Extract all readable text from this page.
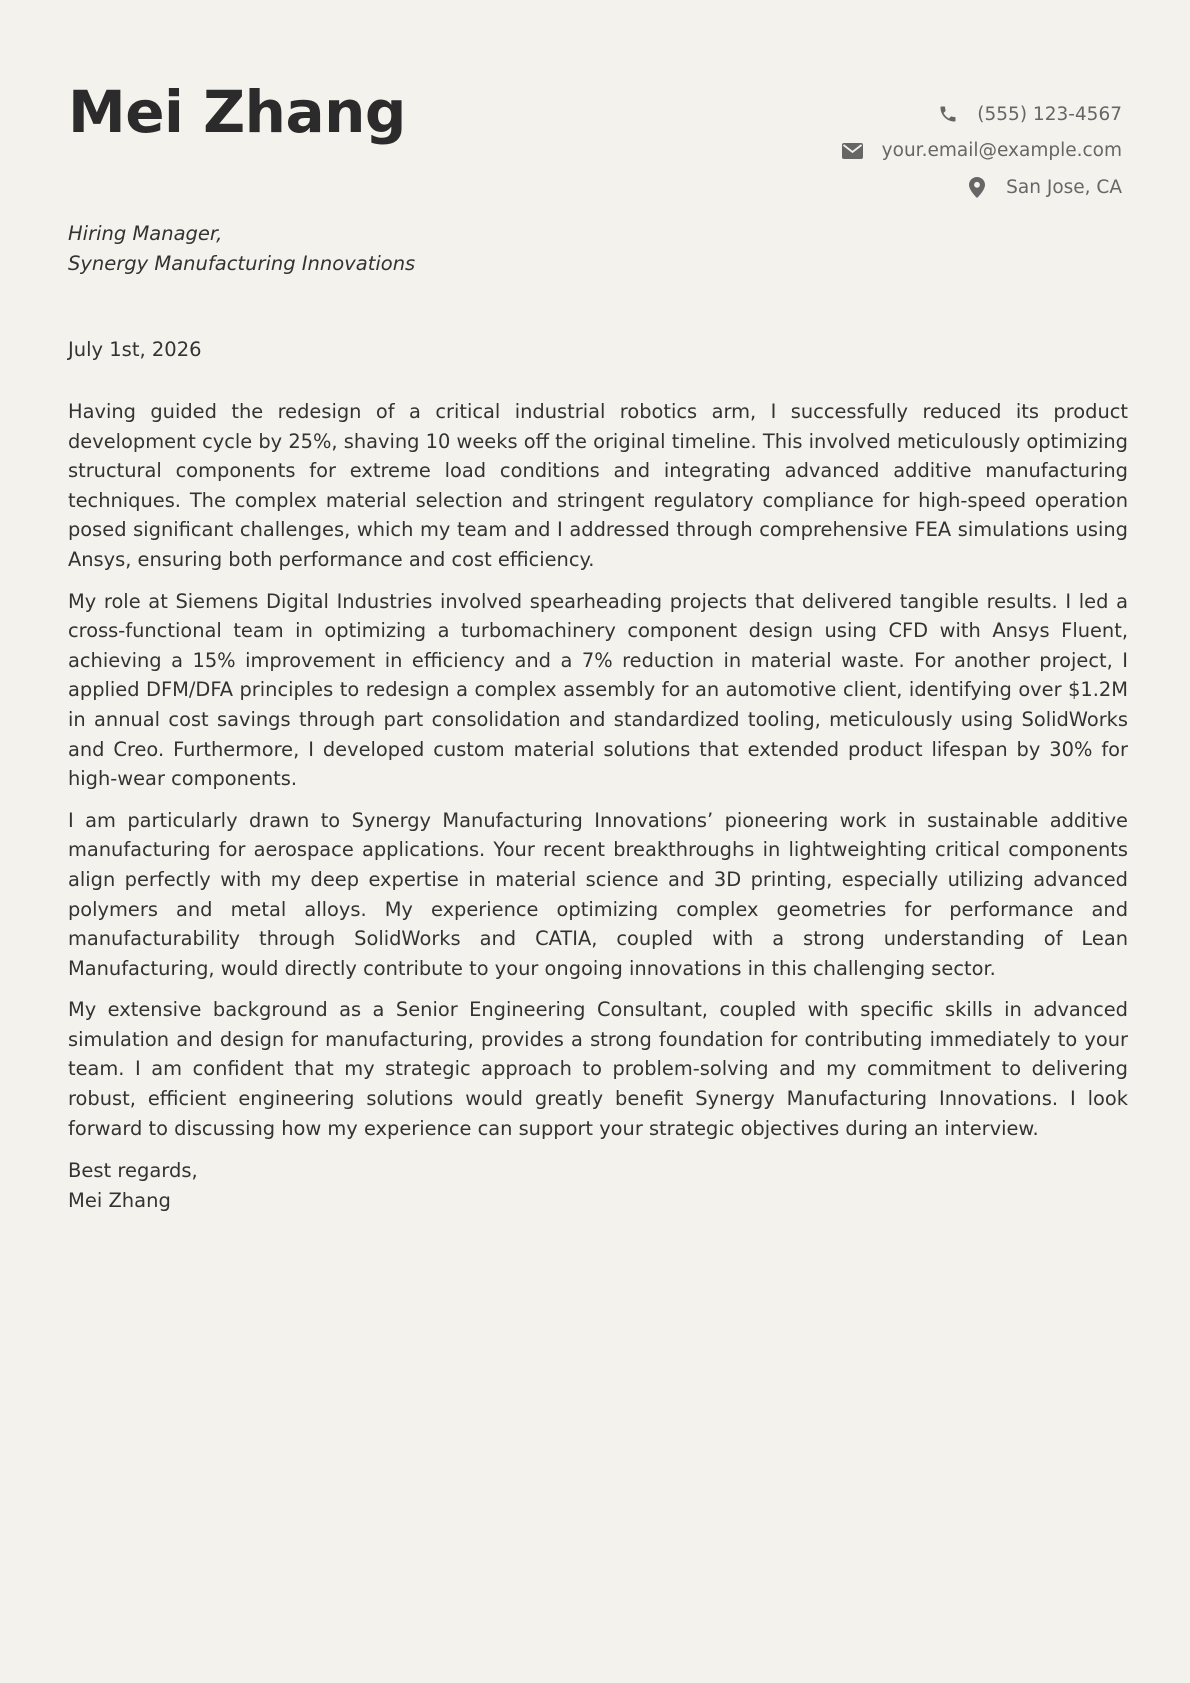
Mei Zhang	(555) 123-4567
your.email@example.com
San Jose, CA
Hiring Manager,
Synergy Manufacturing Innovations
July 1st, 2026

Having guided the redesign of a critical industrial robotics arm, I successfully reduced its product development cycle by 25%, shaving 10 weeks off the original timeline. This involved meticulously optimizing structural components for extreme load conditions and integrating advanced additive manufacturing techniques. The complex material selection and stringent regulatory compliance for high-speed operation posed significant challenges, which my team and I addressed through comprehensive FEA simulations using Ansys, ensuring both performance and cost efficiency.

My role at Siemens Digital Industries involved spearheading projects that delivered tangible results. I led a cross-functional team in optimizing a turbomachinery component design using CFD with Ansys Fluent, achieving a 15% improvement in efficiency and a 7% reduction in material waste. For another project, I applied DFM/DFA principles to redesign a complex assembly for an automotive client, identifying over $1.2M in annual cost savings through part consolidation and standardized tooling, meticulously using SolidWorks and Creo. Furthermore, I developed custom material solutions that extended product lifespan by 30% for high-wear components.

I am particularly drawn to Synergy Manufacturing Innovations’ pioneering work in sustainable additive manufacturing for aerospace applications. Your recent breakthroughs in lightweighting critical components align perfectly with my deep expertise in material science and 3D printing, especially utilizing advanced polymers and metal alloys. My experience optimizing complex geometries for performance and manufacturability through SolidWorks and CATIA, coupled with a strong understanding of Lean Manufacturing, would directly contribute to your ongoing innovations in this challenging sector.

My extensive background as a Senior Engineering Consultant, coupled with specific skills in advanced simulation and design for manufacturing, provides a strong foundation for contributing immediately to your team. I am confident that my strategic approach to problem-solving and my commitment to delivering robust, efficient engineering solutions would greatly benefit Synergy Manufacturing Innovations. I look forward to discussing how my experience can support your strategic objectives during an interview.

Best regards,
Mei Zhang
